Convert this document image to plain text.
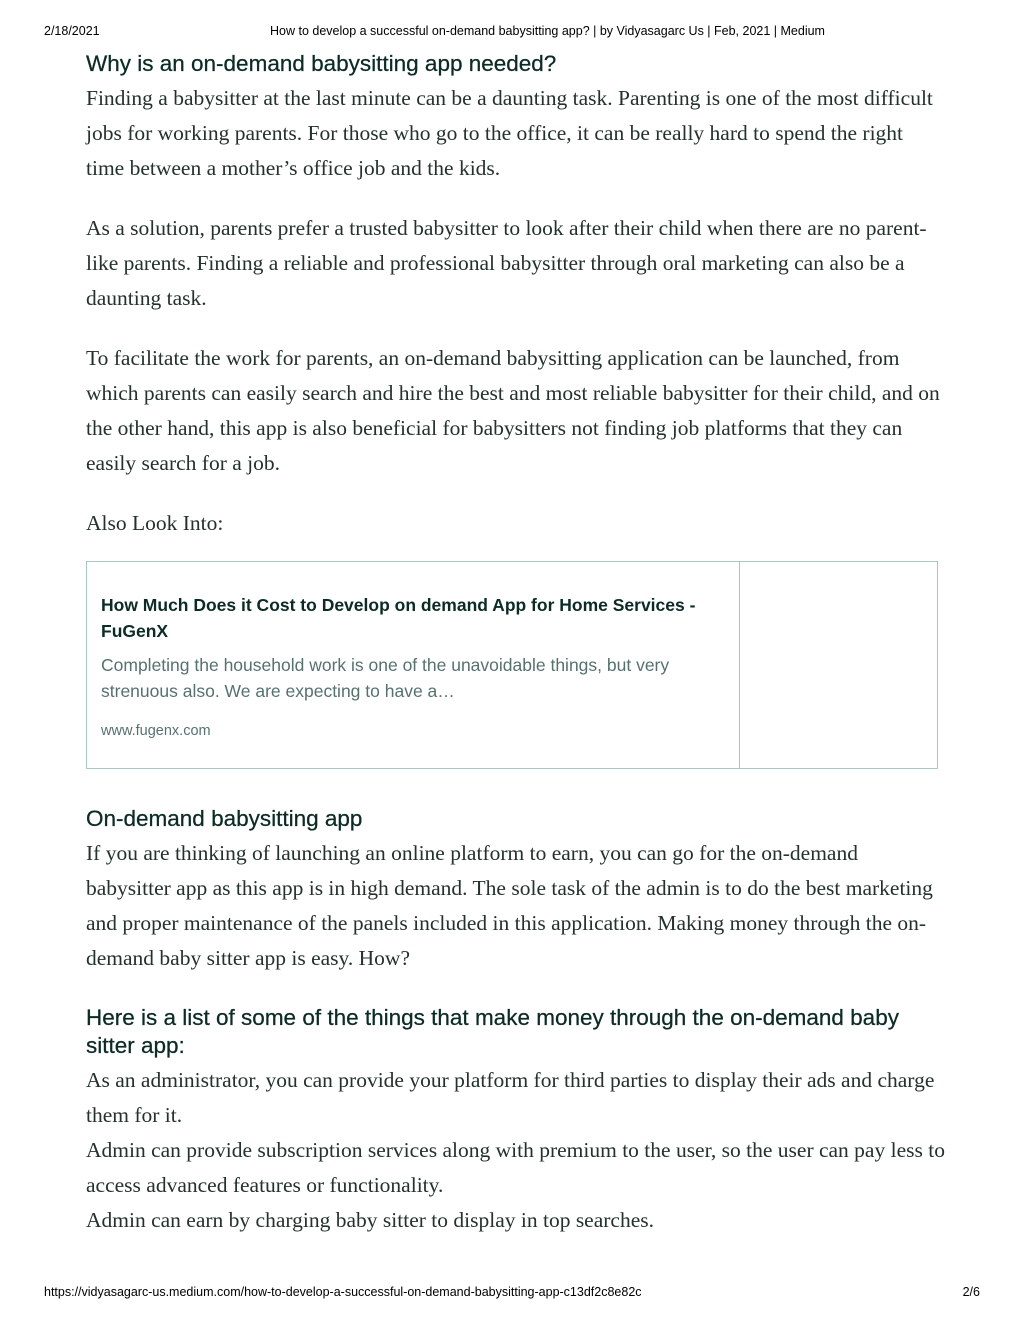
2/18/2021	How to develop a successful on-demand babysitting app? | by Vidyasagarc Us | Feb, 2021 | Medium
Why is an on-demand babysitting app needed?

Finding a babysitter at the last minute can be a daunting task. Parenting is one of the most difficult jobs for working parents. For those who go to the office, it can be really hard to spend the right time between a mother’s office job and the kids.

As a solution, parents prefer a trusted babysitter to look after their child when there are no parent-like parents. Finding a reliable and professional babysitter through oral marketing can also be a daunting task.

To facilitate the work for parents, an on-demand babysitting application can be launched, from which parents can easily search and hire the best and most reliable babysitter for their child, and on the other hand, this app is also beneficial for babysitters not finding job platforms that they can easily search for a job.

Also Look Into:

How Much Does it Cost to Develop on demand App for Home Services - FuGenX

Completing the household work is one of the unavoidable things, but very strenuous also. We are expecting to have a…

www.fugenx.com

On-demand babysitting app

If you are thinking of launching an online platform to earn, you can go for the on-demand babysitter app as this app is in high demand. The sole task of the admin is to do the best marketing and proper maintenance of the panels included in this application. Making money through the on-demand baby sitter app is easy. How?

Here is a list of some of the things that make money through the on-demand baby sitter app:

As an administrator, you can provide your platform for third parties to display their ads and charge them for it.

Admin can provide subscription services along with premium to the user, so the user can pay less to access advanced features or functionality.

Admin can earn by charging baby sitter to display in top searches.

https://vidyasagarc-us.medium.com/how-to-develop-a-successful-on-demand-babysitting-app-c13df2c8e82c	2/6
